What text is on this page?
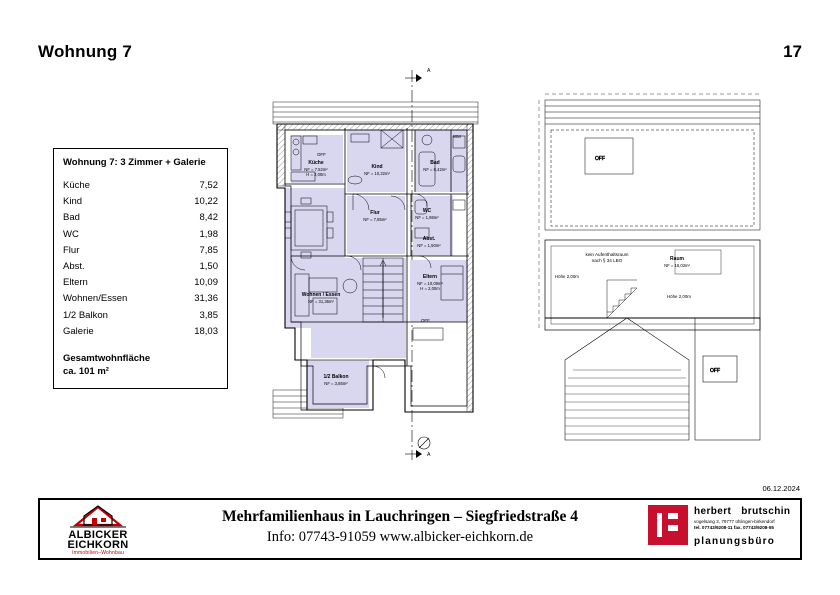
Wohnung 7	17
Wohnung 7: 3 Zimmer + Galerie
Küche	7,52
Kind	10,22
Bad	8,42
WC	1,98
Flur	7,85
Abst.	1,50
Eltern	10,09
Wohnen/Essen	31,36
1/2 Balkon	3,85
Galerie	18,03
Gesamtwohnfläche
ca. 101 m²
OFF
OFF
kein Aufenthaltsraum
nach § 34 LBO	Raum
NF = 18,03m²
Höhe 2,00m
Höhe 2,00m
Küche
NF = 7,52m²
H = 2,00m
Kind
NF = 10,22m²
Bad
NF = 8,42m²
WC
NF = 1,98m²
Flur
NF = 7,85m²
Abst.
NF = 1,50m²
Eltern
NF = 10,09m²
H = 2,00m
Wohnen / Essen
NF = 31,36m²
1/2 Balkon
NF = 3,85m²
OFF
OFF
WM
A
A
06.12.2024
ALBICKER
EICHKORN
Immobilien–Wohnbau
Mehrfamilienhaus in Lauchringen – Siegfriedstraße 4
Info: 07743-91059 www.albicker-eichkorn.de
herbert brutschin
vogelsang 2, 79777 ühlingen-birkendorf
tel. 07743/9208-11 fax. 07743/9208-55
planungsbüro
